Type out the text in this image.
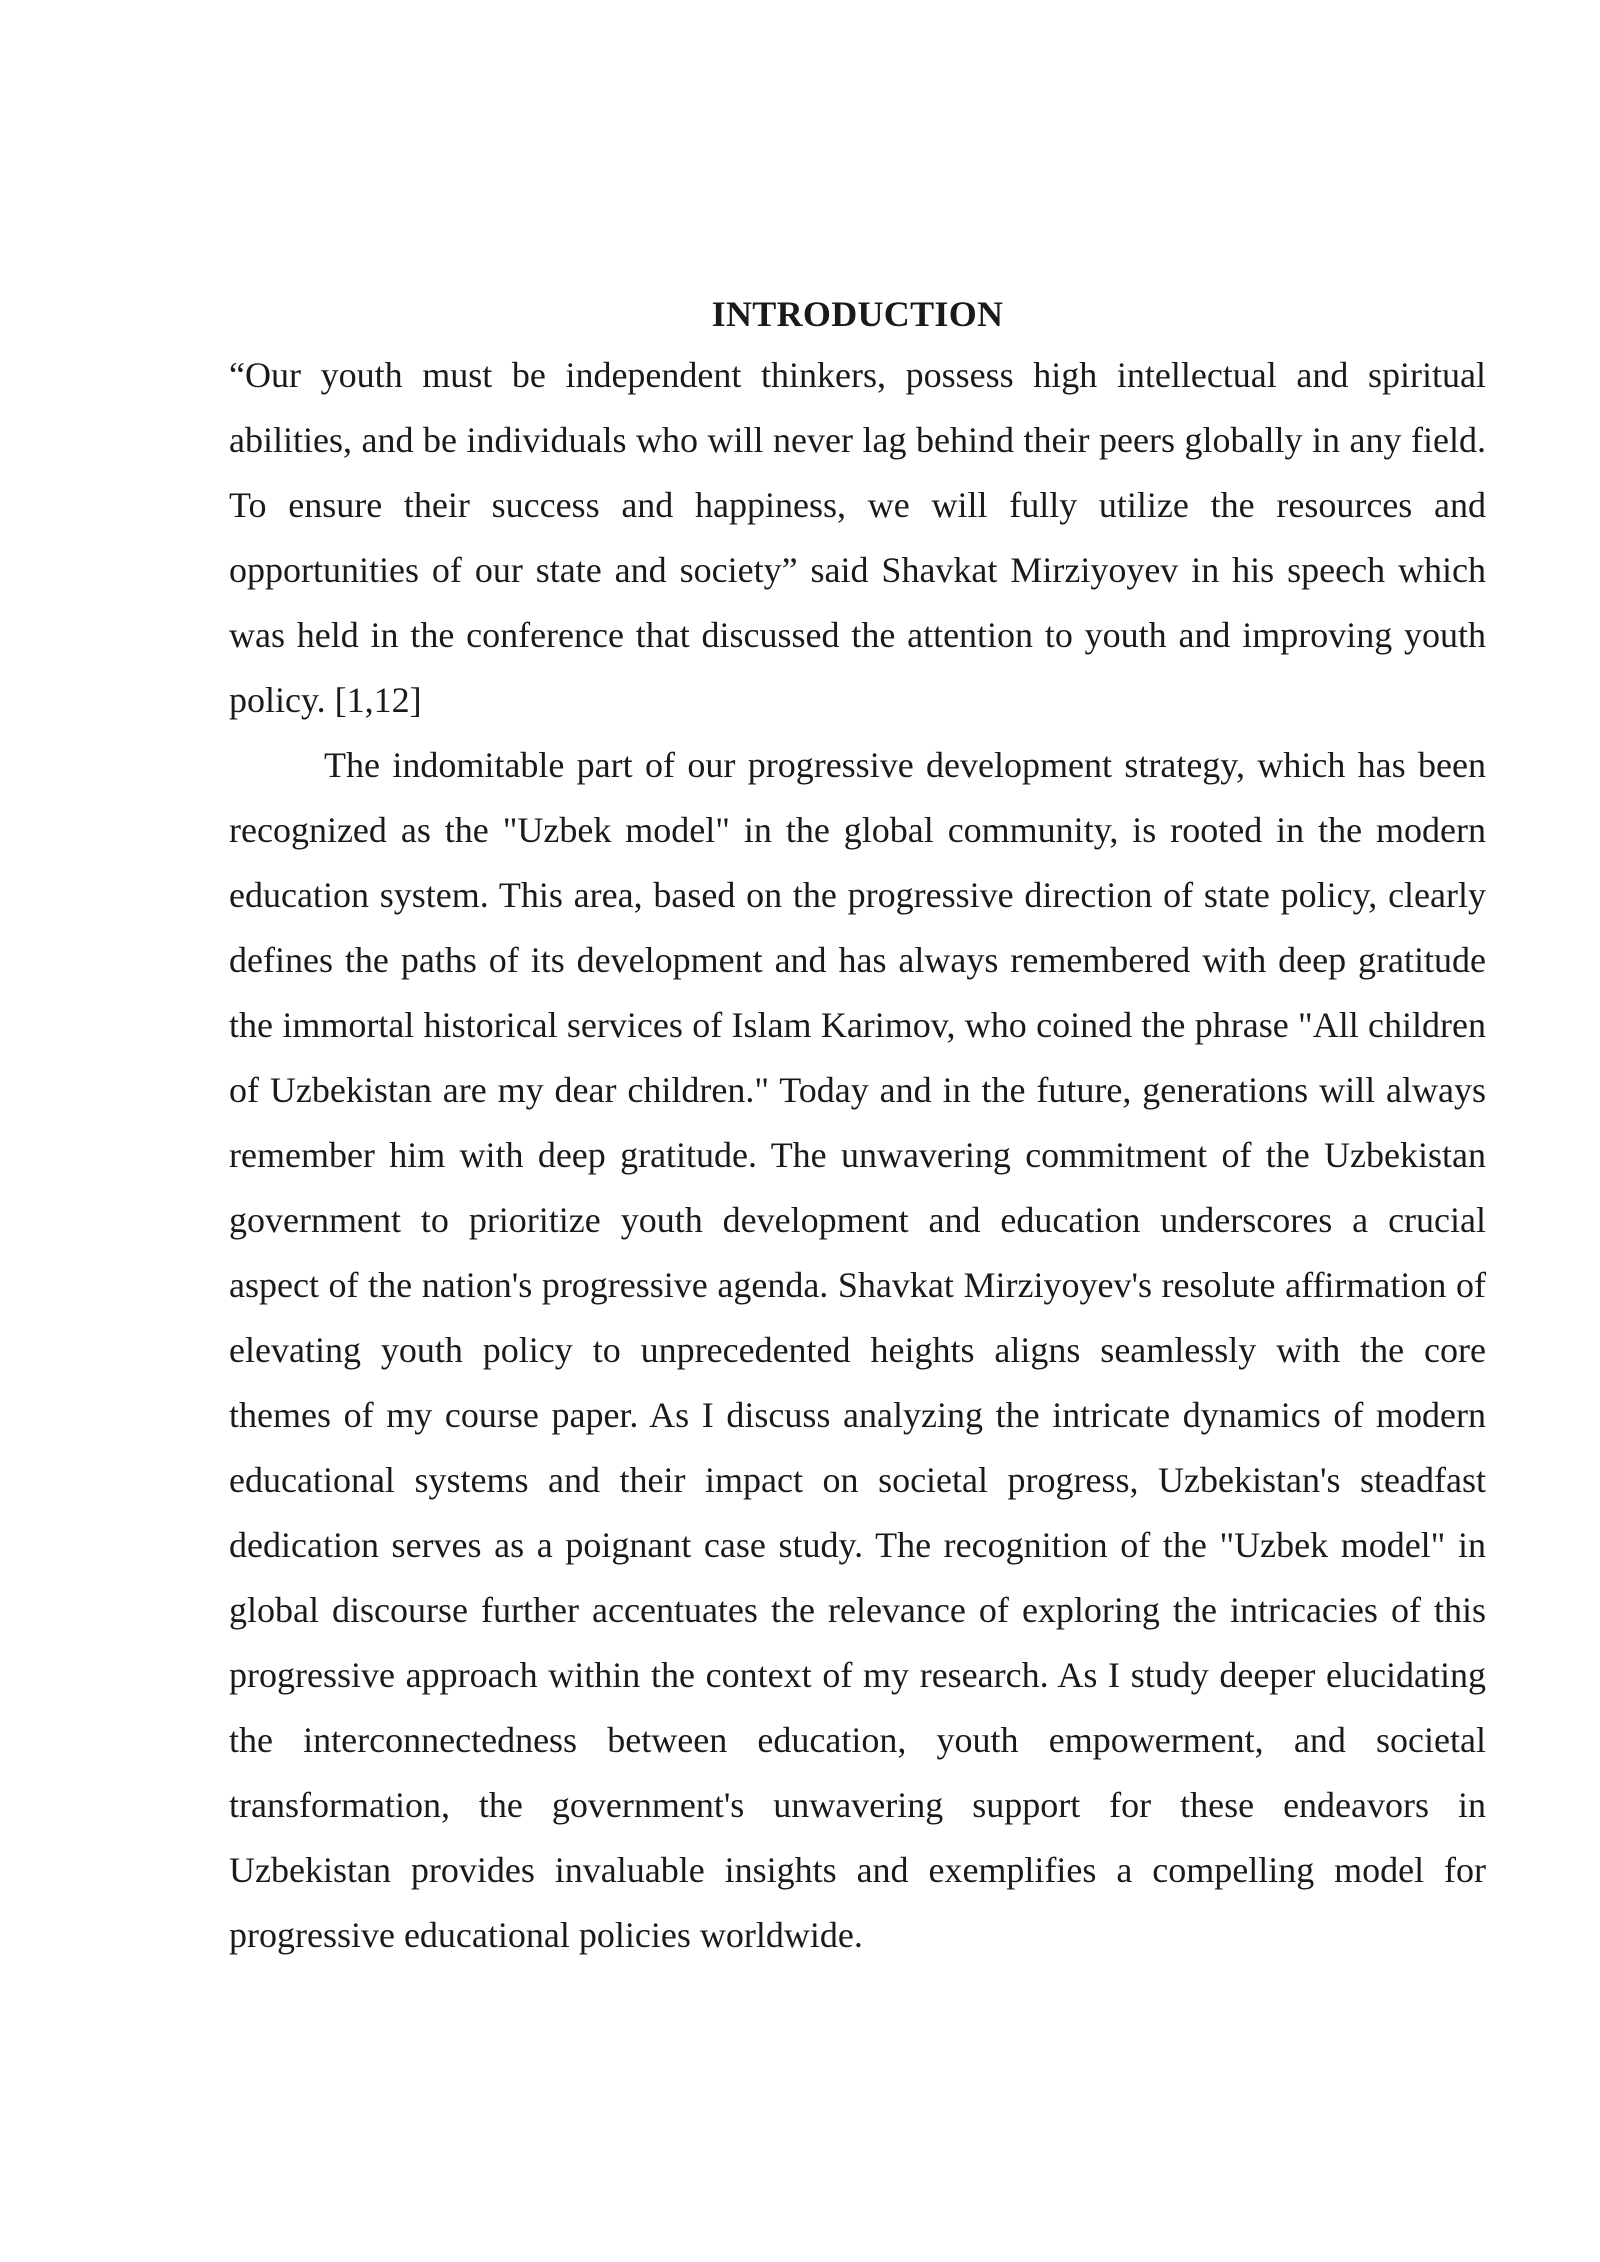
INTRODUCTION

“Our youth must be independent thinkers, possess high intellectual and spiritual abilities, and be individuals who will never lag behind their peers globally in any field. To ensure their success and happiness, we will fully utilize the resources and opportunities of our state and society” said Shavkat Mirziyoyev in his speech which was held in the conference that discussed the attention to youth and improving youth policy. [1,12]

The indomitable part of our progressive development strategy, which has been recognized as the "Uzbek model" in the global community, is rooted in the modern education system. This area, based on the progressive direction of state policy, clearly defines the paths of its development and has always remembered with deep gratitude the immortal historical services of Islam Karimov, who coined the phrase "All children of Uzbekistan are my dear children." Today and in the future, generations will always remember him with deep gratitude. The unwavering commitment of the Uzbekistan government to prioritize youth development and education underscores a crucial aspect of the nation's progressive agenda. Shavkat Mirziyoyev's resolute affirmation of elevating youth policy to unprecedented heights aligns seamlessly with the core themes of my course paper. As I discuss analyzing the intricate dynamics of modern educational systems and their impact on societal progress, Uzbekistan's steadfast dedication serves as a poignant case study. The recognition of the "Uzbek model" in global discourse further accentuates the relevance of exploring the intricacies of this progressive approach within the context of my research. As I study deeper elucidating the interconnectedness between education, youth empowerment, and societal transformation, the government's unwavering support for these endeavors in Uzbekistan provides invaluable insights and exemplifies a compelling model for progressive educational policies worldwide.
